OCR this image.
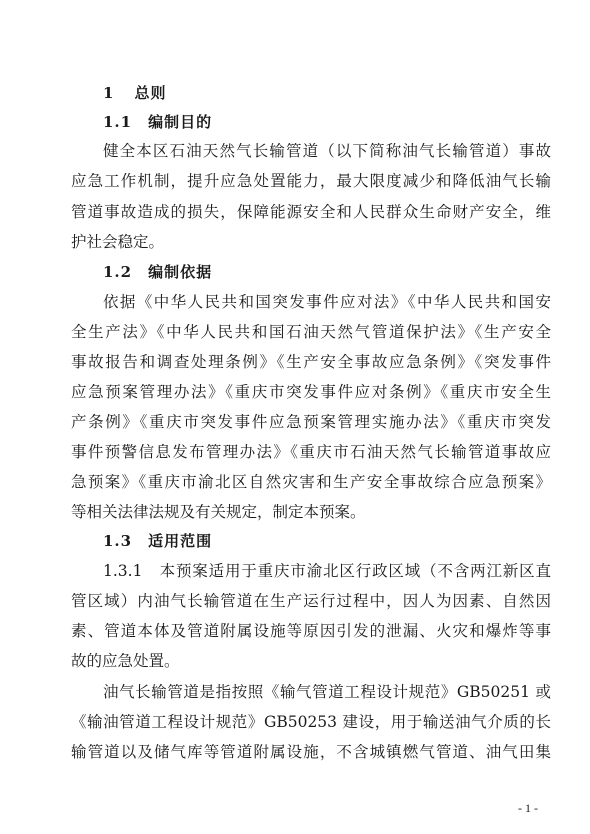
1 总则
1.1 编制目的
健全本区石油天然气长输管道（以下简称油气长输管道）事故
应急工作机制，提升应急处置能力，最大限度减少和降低油气长输
管道事故造成的损失，保障能源安全和人民群众生命财产安全，维
护社会稳定。
1.2 编制依据
依据《中华人民共和国突发事件应对法》《中华人民共和国安
全生产法》《中华人民共和国石油天然气管道保护法》《生产安全
事故报告和调查处理条例》《生产安全事故应急条例》《突发事件
应急预案管理办法》《重庆市突发事件应对条例》《重庆市安全生
产条例》《重庆市突发事件应急预案管理实施办法》《重庆市突发
事件预警信息发布管理办法》《重庆市石油天然气长输管道事故应
急预案》《重庆市渝北区自然灾害和生产安全事故综合应急预案》
等相关法律法规及有关规定，制定本预案。
1.3 适用范围
1.3.1　本预案适用于重庆市渝北区行政区域（不含两江新区直
管区域）内油气长输管道在生产运行过程中，因人为因素、自然因
素、管道本体及管道附属设施等原因引发的泄漏、火灾和爆炸等事
故的应急处置。
油气长输管道是指按照《输气管道工程设计规范》GB50251 或
《输油管道工程设计规范》GB50253 建设，用于输送油气介质的长
输管道以及储气库等管道附属设施，不含城镇燃气管道、油气田集
- 1 -
